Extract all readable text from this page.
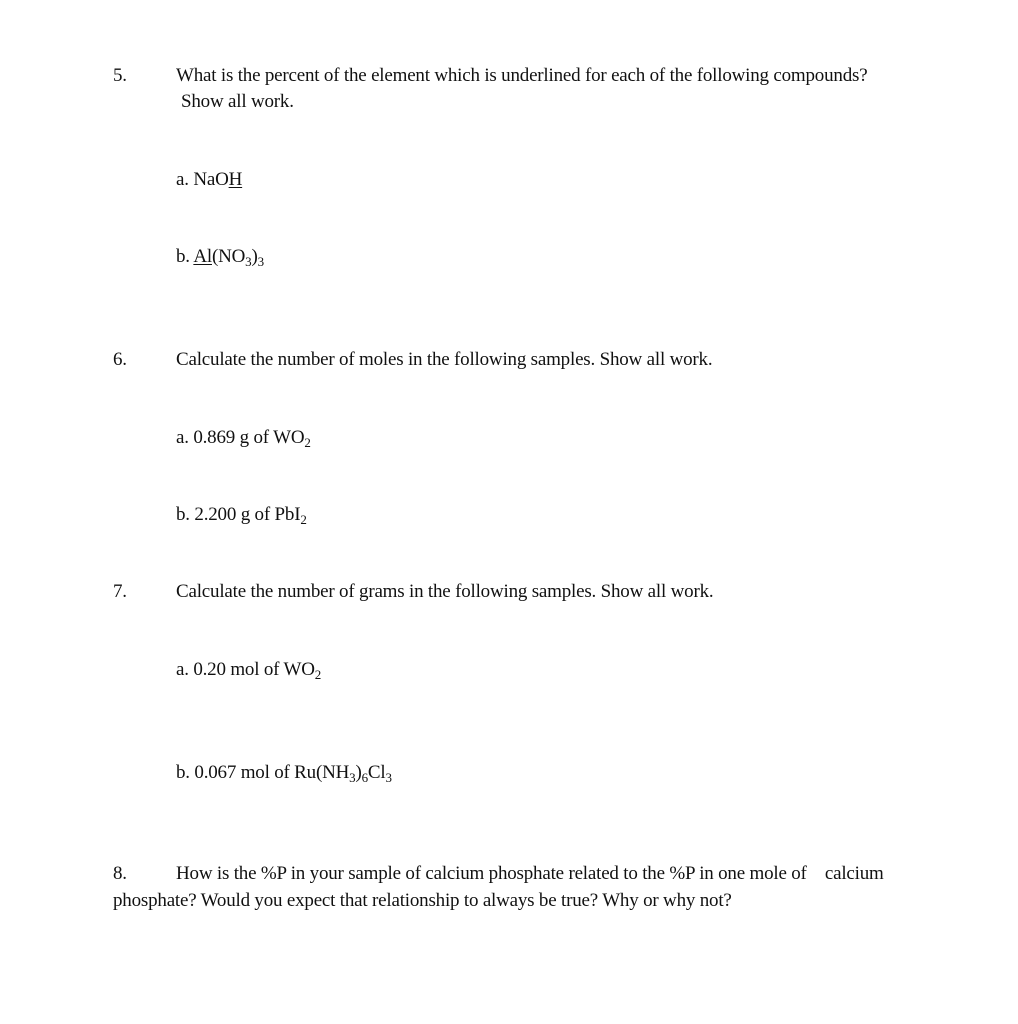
5.	What is the percent of the element which is underlined for each of the following compounds?
Show all work.
a. NaOH
b. $Al(NO_3)_3$
6.	Calculate the number of moles in the following samples. Show all work.
a. 0.869 g of $WO_2$
b. 2.200 g of PbI$_2$
7.	Calculate the number of grams in the following samples. Show all work.
a. 0.20 mol of $WO_2$
b. 0.067 mol of $Ru(NH_3)_6Cl_3$
8.	How is the %P in your sample of calcium phosphate related to the %P in one mole of    calcium
phosphate? Would you expect that relationship to always be true? Why or why not?
